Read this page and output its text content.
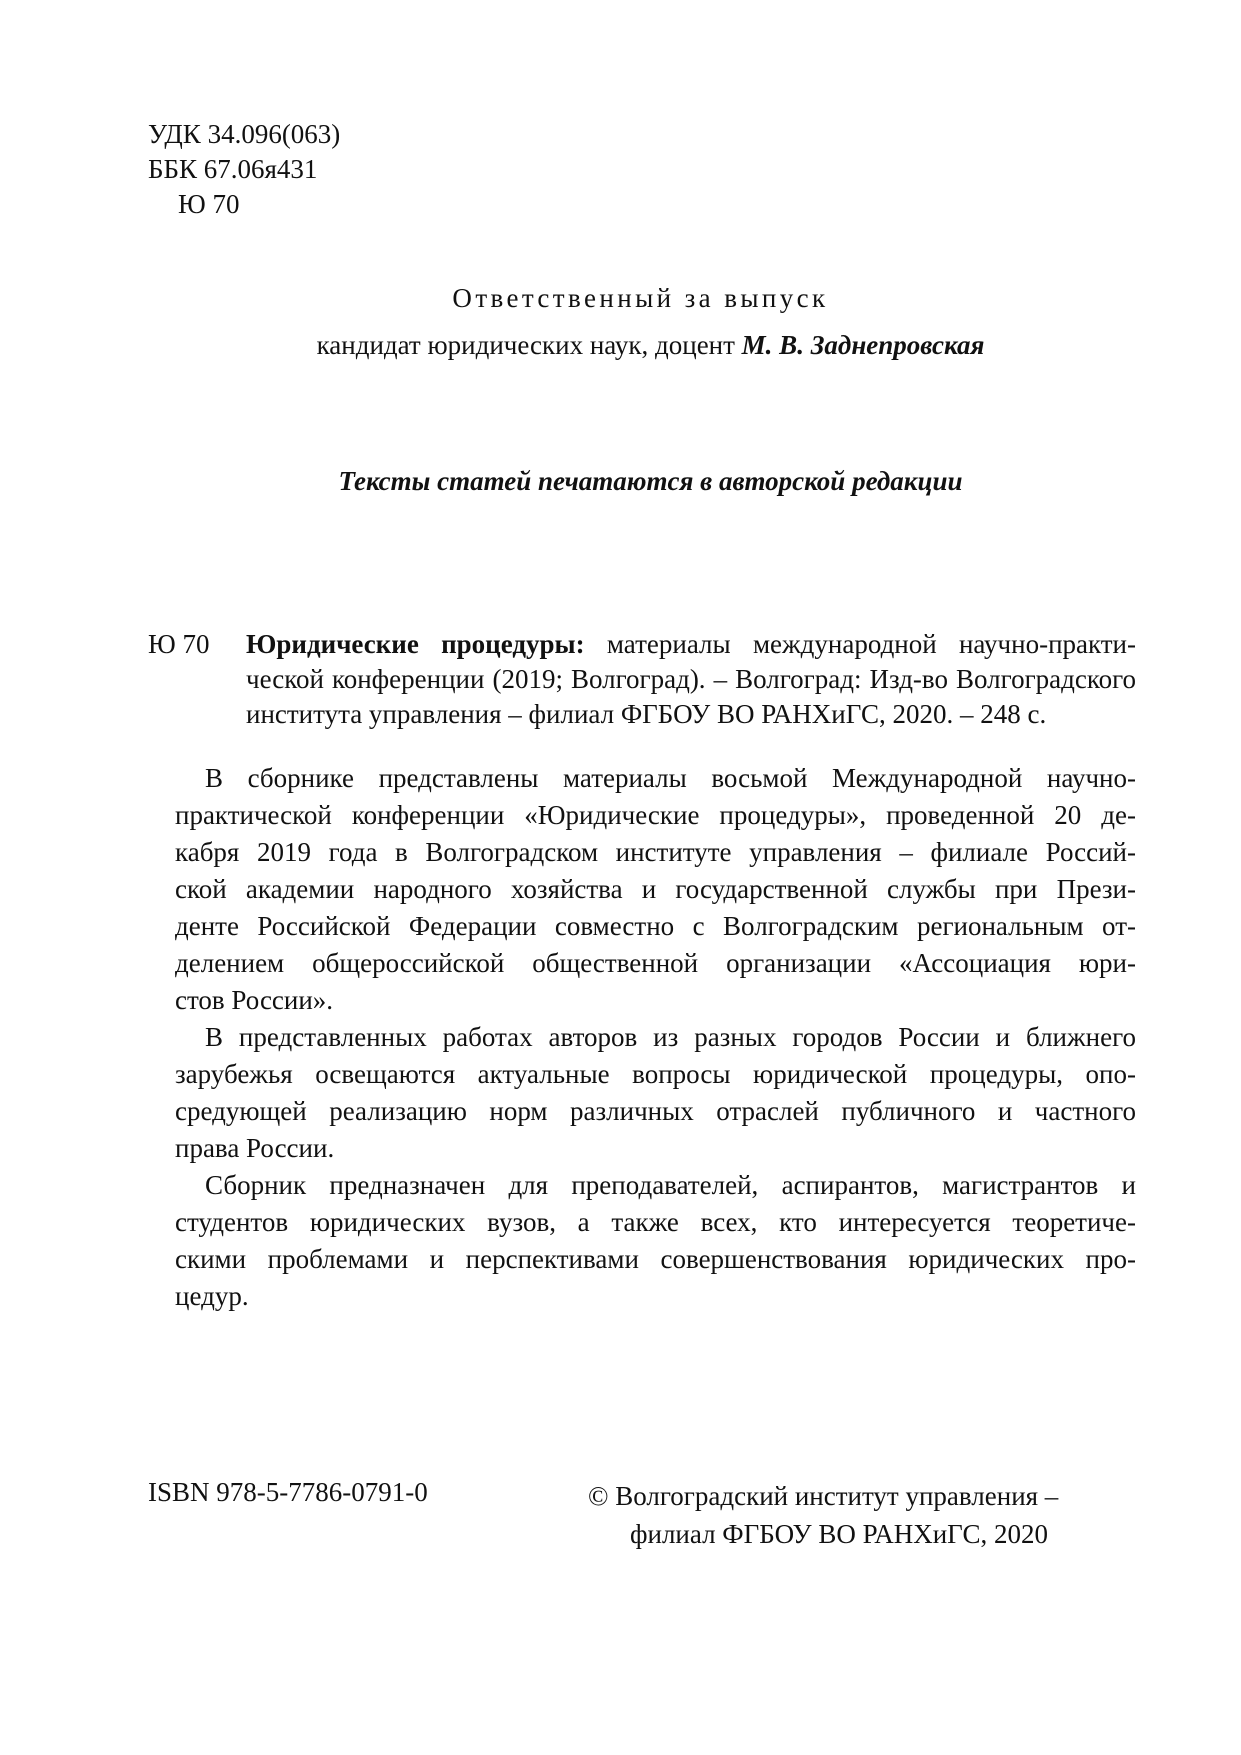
УДК 34.096(063)
ББК 67.06я431
Ю 70

Ответственный за выпуск

кандидат юридических наук, доцент М. В. Заднепровская

Тексты статей печатаются в авторской редакции

Ю 70 Юридические процедуры: материалы международной научно-практи-
ческой конференции (2019; Волгоград). – Волгоград: Изд-во Волгоградского
института управления – филиал ФГБОУ ВО РАНХиГС, 2020. – 248 с.
В сборнике представлены материалы восьмой Международной научно-
практической конференции «Юридические процедуры», проведенной 20 де-
кабря 2019 года в Волгоградском институте управления – филиале Россий-
ской академии народного хозяйства и государственной службы при Прези-
денте Российской Федерации совместно с Волгоградским региональным от-
делением общероссийской общественной организации «Ассоциация юри-
стов России».
В представленных работах авторов из разных городов России и ближнего
зарубежья освещаются актуальные вопросы юридической процедуры, опо-
средующей реализацию норм различных отраслей публичного и частного
права России.
Сборник предназначен для преподавателей, аспирантов, магистрантов и
студентов юридических вузов, а также всех, кто интересуется теоретиче-
скими проблемами и перспективами совершенствования юридических про-
цедур.

ISBN 978-5-7786-0791-0	© Волгоградский институт управления –
филиал ФГБОУ ВО РАНХиГС, 2020
